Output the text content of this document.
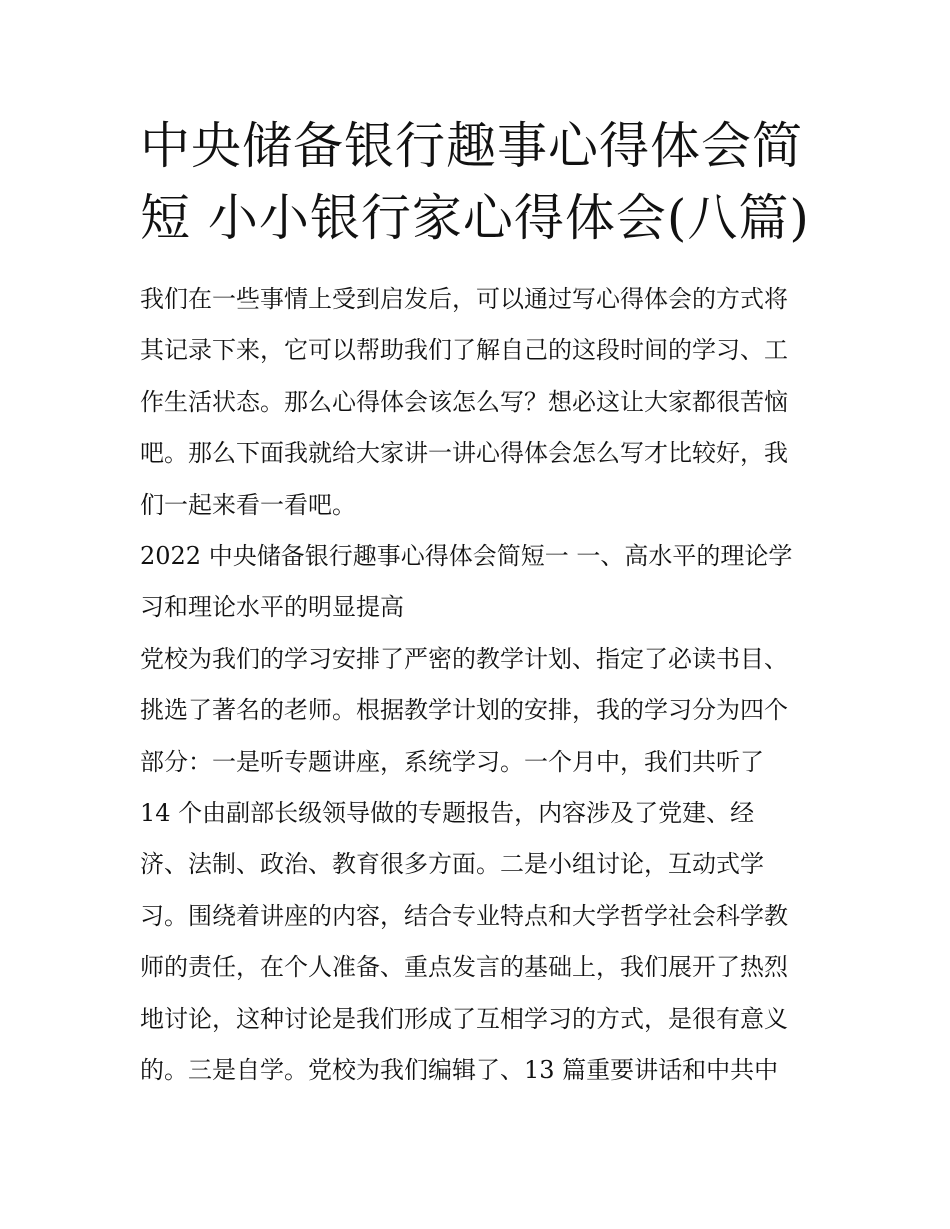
中央储备银行趣事心得体会简
短 小小银行家心得体会(八篇)
我们在一些事情上受到启发后，可以通过写心得体会的方式将
其记录下来，它可以帮助我们了解自己的这段时间的学习、工
作生活状态。那么心得体会该怎么写？想必这让大家都很苦恼
吧。那么下面我就给大家讲一讲心得体会怎么写才比较好，我
们一起来看一看吧。
2022 中央储备银行趣事心得体会简短一 一、高水平的理论学
习和理论水平的明显提高
党校为我们的学习安排了严密的教学计划、指定了必读书目、
挑选了著名的老师。根据教学计划的安排，我的学习分为四个
部分：一是听专题讲座，系统学习。一个月中，我们共听了
14 个由副部长级领导做的专题报告，内容涉及了党建、经
济、法制、政治、教育很多方面。二是小组讨论，互动式学
习。围绕着讲座的内容，结合专业特点和大学哲学社会科学教
师的责任，在个人准备、重点发言的基础上，我们展开了热烈
地讨论，这种讨论是我们形成了互相学习的方式，是很有意义
的。三是自学。党校为我们编辑了、13 篇重要讲话和中共中
